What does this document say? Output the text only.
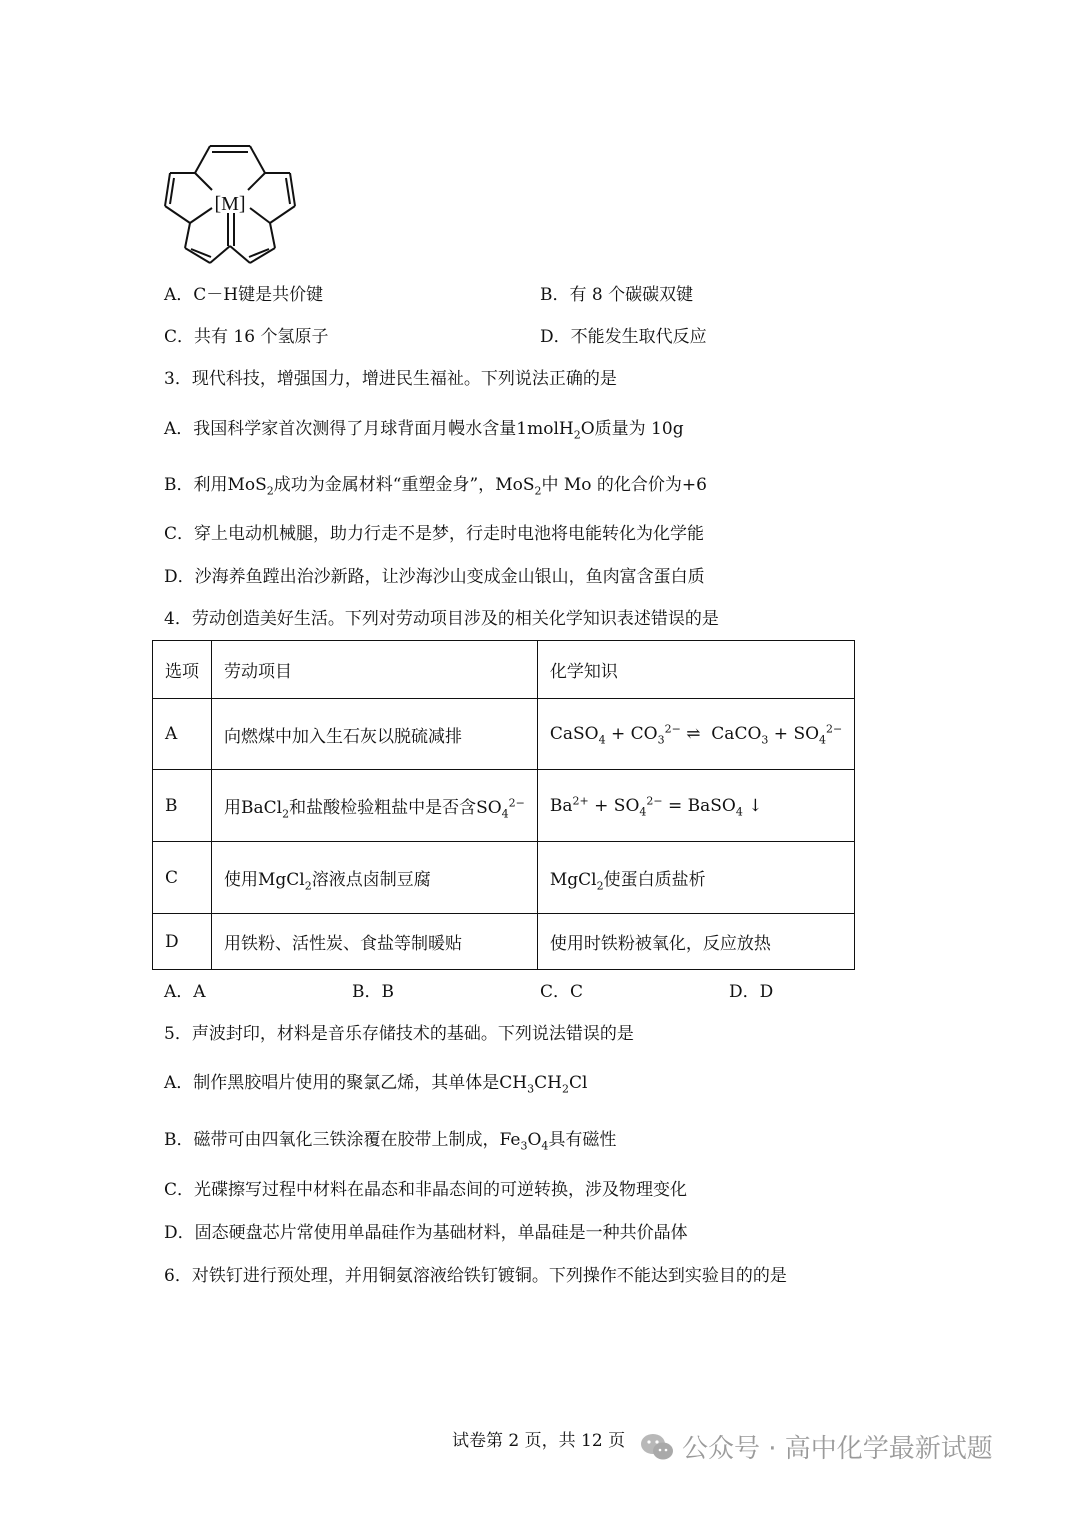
[M]
A．C－H键是共价键	B．有 8 个碳碳双键
C．共有 16 个氢原子	D．不能发生取代反应
3．现代科技，增强国力，增进民生福祉。下列说法正确的是
A．我国科学家首次测得了月球背面月幔水含量1molH$_2$O质量为 10g
B．利用MoS$_2$成功为金属材料“重塑金身”，MoS$_2$中 Mo 的化合价为+6
C．穿上电动机械腿，助力行走不是梦，行走时电池将电能转化为化学能
D．沙海养鱼蹚出治沙新路，让沙海沙山变成金山银山，鱼肉富含蛋白质
4．劳动创造美好生活。下列对劳动项目涉及的相关化学知识表述错误的是
选项	劳动项目	化学知识
A	向燃煤中加入生石灰以脱硫减排	CaSO$_4$ + $CO_3^{2-}$ ⇌  CaCO$_3$ + $SO_4^{2-}$
B	用BaCl$_2$和盐酸检验粗盐中是否含$SO_4^{2-}$	$Ba^{2+} + SO_4^{2-}$ = BaSO$_4$ ↓
C	使用MgCl$_2$溶液点卤制豆腐	MgCl$_2$使蛋白质盐析
D	用铁粉、活性炭、食盐等制暖贴	使用时铁粉被氧化，反应放热
A．A	B．B	C．C	D．D
5．声波封印，材料是音乐存储技术的基础。下列说法错误的是
A．制作黑胶唱片使用的聚氯乙烯，其单体是$CH_3CH_2Cl$
B．磁带可由四氧化三铁涂覆在胶带上制成，$Fe_3O_4$具有磁性
C．光碟擦写过程中材料在晶态和非晶态间的可逆转换，涉及物理变化
D．固态硬盘芯片常使用单晶硅作为基础材料，单晶硅是一种共价晶体
6．对铁钉进行预处理，并用铜氨溶液给铁钉镀铜。下列操作不能达到实验目的的是
试卷第 2 页，共 12 页 公众号 · 高中化学最新试题
